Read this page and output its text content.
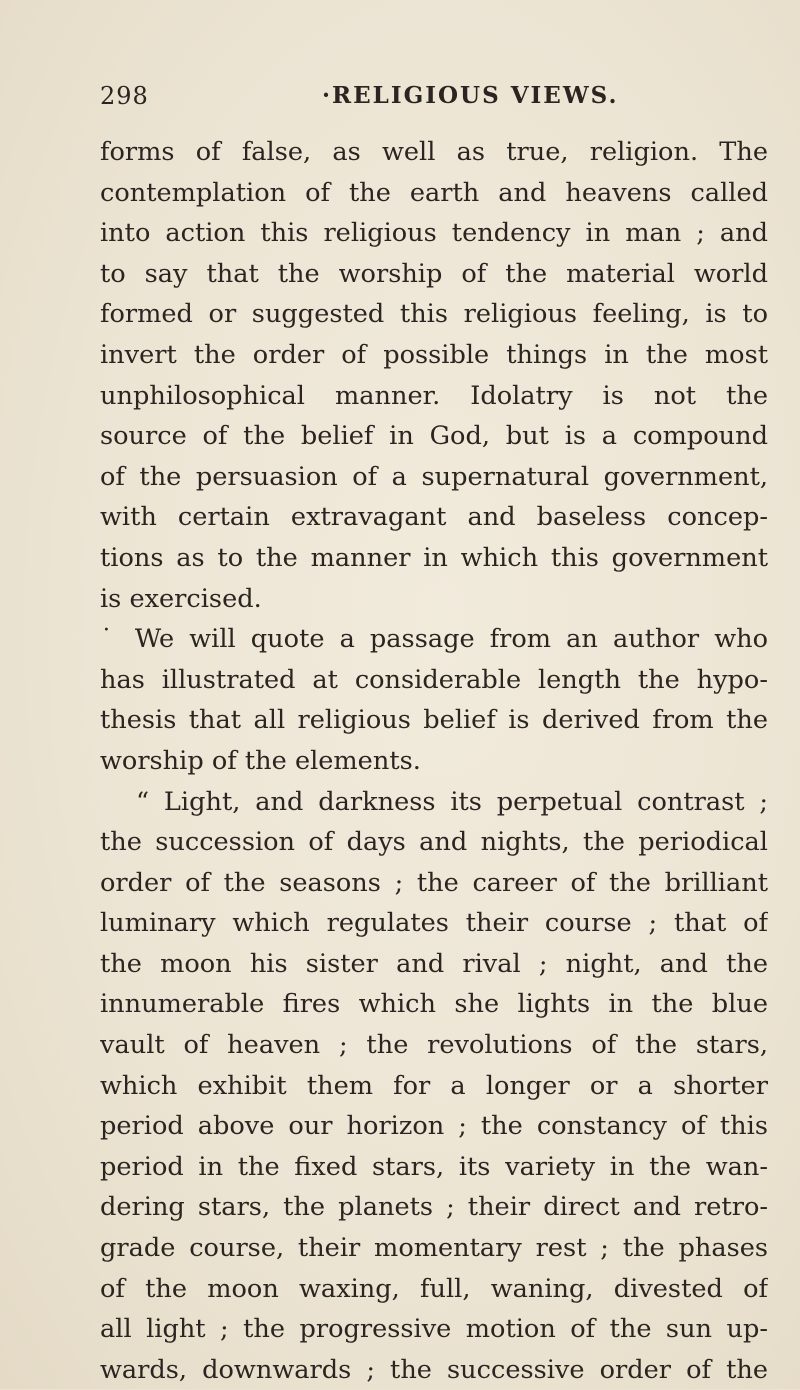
298	·RELIGIOUS VIEWS.
forms of false, as well as true, religion. The
contemplation of the earth and heavens called
into action this religious tendency in man ; and
to say that the worship of the material world
formed or suggested this religious feeling, is to
invert the order of possible things in the most
unphilosophical manner. Idolatry is not the
source of the belief in God, but is a compound
of the persuasion of a supernatural government,
with certain extravagant and baseless concep-
tions as to the manner in which this government
is exercised.
˙ We will quote a passage from an author who
has illustrated at considerable length the hypo-
thesis that all religious belief is derived from the
worship of the elements.
“ Light, and darkness its perpetual contrast ;
the succession of days and nights, the periodical
order of the seasons ; the career of the brilliant
luminary which regulates their course ; that of
the moon his sister and rival ; night, and the
innumerable fires which she lights in the blue
vault of heaven ; the revolutions of the stars,
which exhibit them for a longer or a shorter
period above our horizon ; the constancy of this
period in the fixed stars, its variety in the wan-
dering stars, the planets ; their direct and retro-
grade course, their momentary rest ; the phases
of the moon waxing, full, waning, divested of
all light ; the progressive motion of the sun up-
wards, downwards ; the successive order of the
